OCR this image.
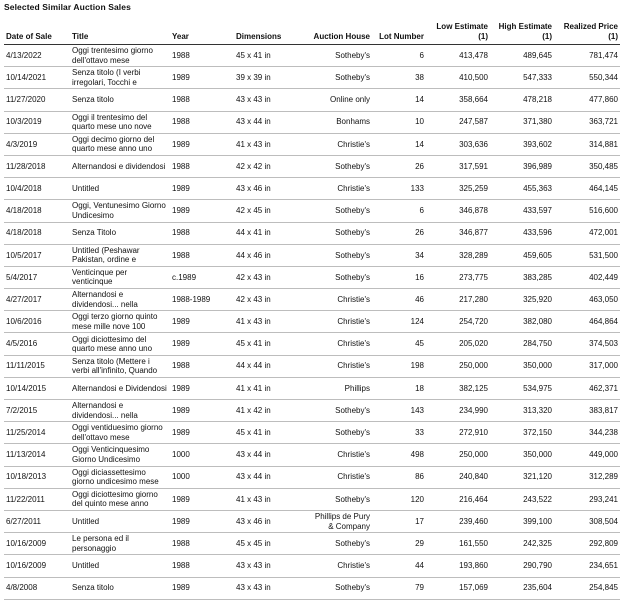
Selected Similar Auction Sales
Date of Sale	Title	Year	Dimensions	Auction House	Lot Number	Low Estimate (1)	High Estimate (1)	Realized Price (1)
4/13/2022	Oggi trentesimo giorno dell'ottavo mese	1988	45 x 41 in	Sotheby's	6	413,478	489,645	781,474
10/14/2021	Senza titolo (I verbi irregolari, Tocchi e	1989	39 x 39 in	Sotheby's	38	410,500	547,333	550,344
11/27/2020	Senza titolo	1988	43 x 43 in	Online only	14	358,664	478,218	477,860
10/3/2019	Oggi il trentesimo del quarto mese uno nove	1988	43 x 44 in	Bonhams	10	247,587	371,380	363,721
4/3/2019	Oggi decimo giorno del quarto mese anno uno	1989	41 x 43 in	Christie's	14	303,636	393,602	314,881
11/28/2018	Alternandosi e dividendosi	1988	42 x 42 in	Sotheby's	26	317,591	396,989	350,485
10/4/2018	Untitled	1989	43 x 46 in	Christie's	133	325,259	455,363	464,145
4/18/2018	Oggi, Ventunesimo Giorno Undicesimo	1989	42 x 45 in	Sotheby's	6	346,878	433,597	516,600
4/18/2018	Senza Titolo	1988	44 x 41 in	Sotheby's	26	346,877	433,596	472,001
10/5/2017	Untitled (Peshawar Pakistan, ordine e	1988	44 x 46 in	Sotheby's	34	328,289	459,605	531,500
5/4/2017	Venticinque per venticinque	c.1989	42 x 43 in	Sotheby's	16	273,775	383,285	402,449
4/27/2017	Alternandosi e dividendosi... nella	1988-1989	42 x 43 in	Christie's	46	217,280	325,920	463,050
10/6/2016	Oggi terzo giorno quinto mese mille nove 100	1989	41 x 43 in	Christie's	124	254,720	382,080	464,864
4/5/2016	Oggi diciottesimo del quarto mese anno uno	1989	45 x 41 in	Christie's	45	205,020	284,750	374,503
11/11/2015	Senza titolo (Mettere i verbi all'infinito, Quando	1988	44 x 44 in	Christie's	198	250,000	350,000	317,000
10/14/2015	Alternandosi e Dividendosi	1989	41 x 41 in	Phillips	18	382,125	534,975	462,371
7/2/2015	Alternandosi e dividendosi... nella	1989	41 x 42 in	Sotheby's	143	234,990	313,320	383,817
11/25/2014	Oggi ventiduesimo giorno dell'ottavo mese	1989	45 x 41 in	Sotheby's	33	272,910	372,150	344,238
11/13/2014	Oggi Venticinquesimo Giorno Undicesimo	1000	43 x 44 in	Christie's	498	250,000	350,000	449,000
10/18/2013	Oggi diciassettesimo giorno undicesimo mese	1000	43 x 44 in	Christie's	86	240,840	321,120	312,289
11/22/2011	Oggi diciottesimo giorno del quinto mese anno	1989	41 x 43 in	Sotheby's	120	216,464	243,522	293,241
6/27/2011	Untitled	1989	43 x 46 in	Phillips de Pury & Company	17	239,460	399,100	308,504
10/16/2009	Le persona ed il personaggio	1988	45 x 45 in	Sotheby's	29	161,550	242,325	292,809
10/16/2009	Untitled	1988	43 x 43 in	Christie's	44	193,860	290,790	234,651
4/8/2008	Senza titolo	1989	43 x 43 in	Sotheby's	79	157,069	235,604	254,845
